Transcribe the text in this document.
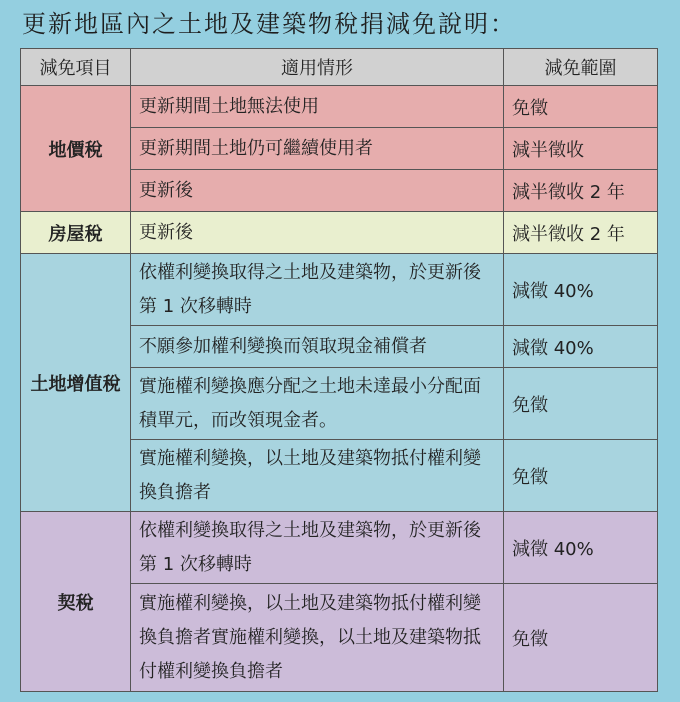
更新地區內之土地及建築物稅捐減免說明：
減免項目	適用情形	減免範圍
地價稅	更新期間土地無法使用	免徵
	更新期間土地仍可繼續使用者	減半徵收
	更新後	減半徵收 2 年
房屋稅	更新後	減半徵收 2 年
土地增值稅	依權利變換取得之土地及建築物，於更新後第 1 次移轉時	減徵 40%
	不願參加權利變換而領取現金補償者	減徵 40%
	實施權利變換應分配之土地未達最小分配面積單元，而改領現金者。	免徵
	實施權利變換，以土地及建築物抵付權利變換負擔者	免徵
契稅	依權利變換取得之土地及建築物，於更新後第 1 次移轉時	減徵 40%
	實施權利變換，以土地及建築物抵付權利變換負擔者實施權利變換，以土地及建築物抵付權利變換負擔者	免徵
